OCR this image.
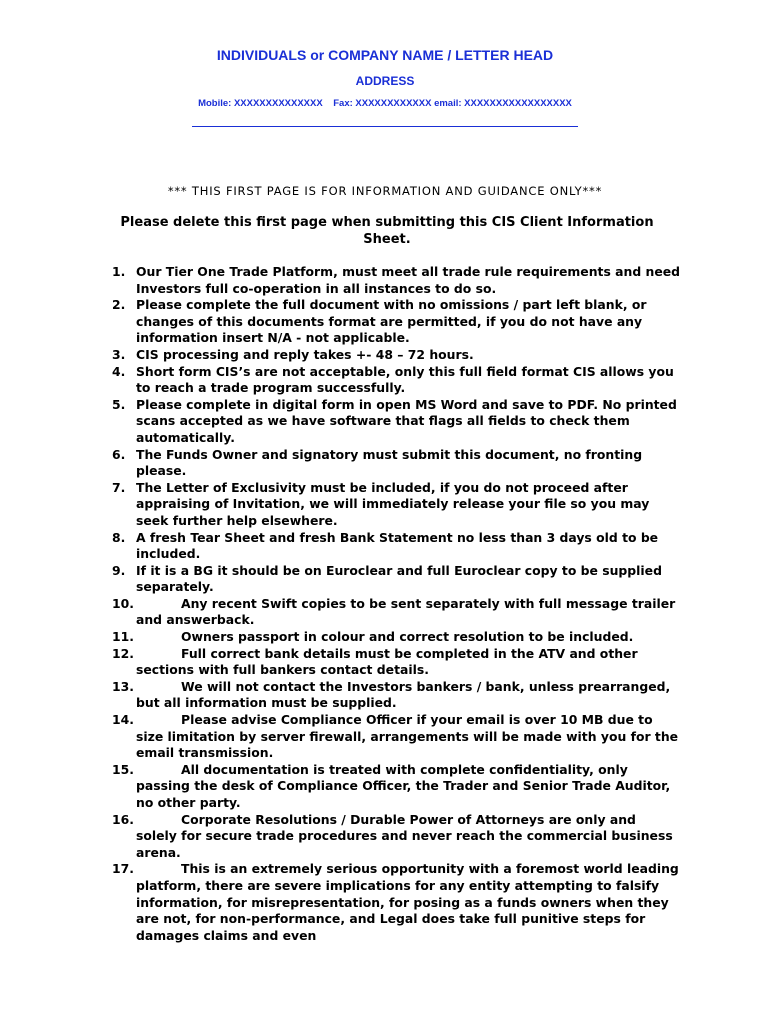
INDIVIDUALS or COMPANY NAME / LETTER HEAD
ADDRESS
Mobile: XXXXXXXXXXXXXX    Fax: XXXXXXXXXXXX email: XXXXXXXXXXXXXXXXX
*** THIS FIRST PAGE IS FOR INFORMATION AND GUIDANCE ONLY***
Please delete this first page when submitting this CIS Client Information Sheet.
1. Our Tier One Trade Platform, must meet all trade rule requirements and need Investors full co-operation in all instances to do so.
2. Please complete the full document with no omissions / part left blank, or changes of this documents format are permitted, if you do not have any information insert N/A - not applicable.
3. CIS processing and reply takes +- 48 – 72 hours.
4. Short form CIS’s are not acceptable, only this full field format CIS allows you to reach a trade program successfully.
5. Please complete in digital form in open MS Word and save to PDF. No printed scans accepted as we have software that flags all fields to check them automatically.
6. The Funds Owner and signatory must submit this document, no fronting please.
7. The Letter of Exclusivity must be included, if you do not proceed after appraising of Invitation, we will immediately release your file so you may seek further help elsewhere.
8. A fresh Tear Sheet and fresh Bank Statement no less than 3 days old to be included.
9. If it is a BG it should be on Euroclear and full Euroclear copy to be supplied separately.
10.	Any recent Swift copies to be sent separately with full message trailer and answerback.
11.	Owners passport in colour and correct resolution to be included.
12.	Full correct bank details must be completed in the ATV and other sections with full bankers contact details.
13.	We will not contact the Investors bankers / bank, unless prearranged, but all information must be supplied.
14.	Please advise Compliance Officer if your email is over 10 MB due to size limitation by server firewall, arrangements will be made with you for the email transmission.
15.	All documentation is treated with complete confidentiality, only passing the desk of Compliance Officer, the Trader and Senior Trade Auditor, no other party.
16.	Corporate Resolutions / Durable Power of Attorneys are only and solely for secure trade procedures and never reach the commercial business arena.
17.	This is an extremely serious opportunity with a foremost world leading platform, there are severe implications for any entity attempting to falsify information, for misrepresentation, for posing as a funds owners when they are not, for non-performance, and Legal does take full punitive steps for damages claims and even
